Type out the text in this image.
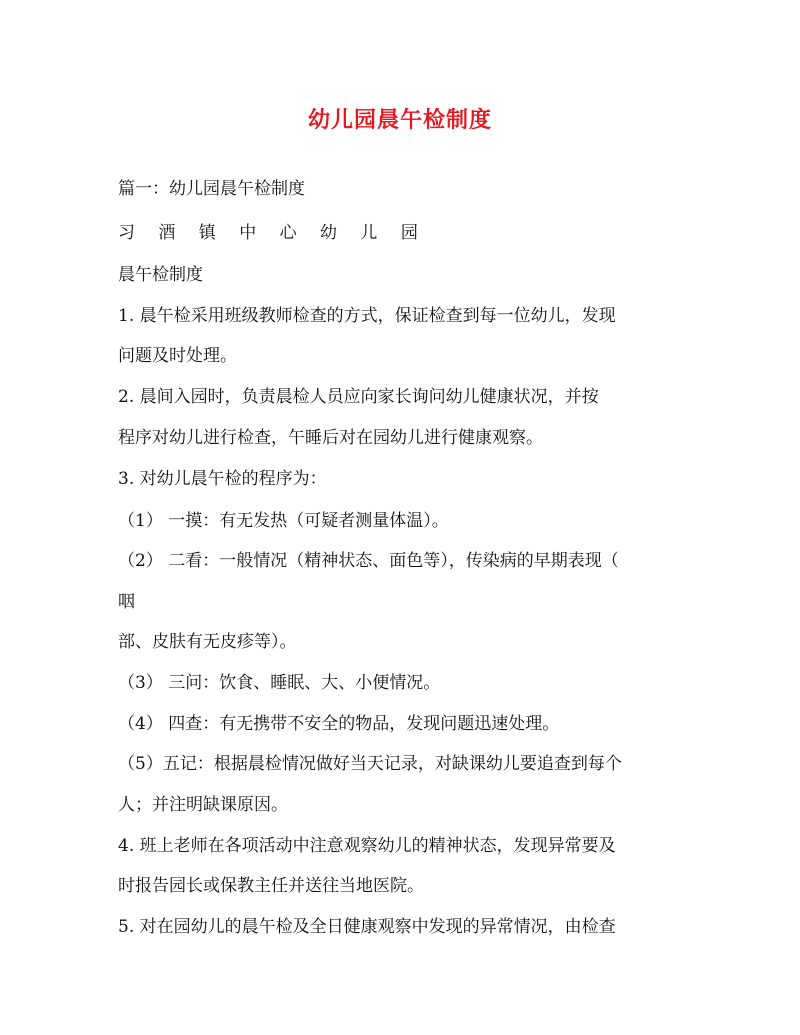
幼儿园晨午检制度
篇一：幼儿园晨午检制度
习 酒 镇 中 心 幼 儿 园
晨午检制度
1. 晨午检采用班级教师检查的方式，保证检查到每一位幼儿，发现
问题及时处理。
2. 晨间入园时，负责晨检人员应向家长询问幼儿健康状况，并按
程序对幼儿进行检查，午睡后对在园幼儿进行健康观察。
3. 对幼儿晨午检的程序为：
（1） 一摸：有无发热（可疑者测量体温）。
（2） 二看：一般情况（精神状态、面色等），传染病的早期表现（
咽
部、皮肤有无皮疹等）。
（3） 三问：饮食、睡眠、大、小便情况。
（4） 四查：有无携带不安全的物品，发现问题迅速处理。
（5）五记：根据晨检情况做好当天记录，对缺课幼儿要追查到每个
人；并注明缺课原因。
4. 班上老师在各项活动中注意观察幼儿的精神状态，发现异常要及
时报告园长或保教主任并送往当地医院。
5. 对在园幼儿的晨午检及全日健康观察中发现的异常情况，由检查
